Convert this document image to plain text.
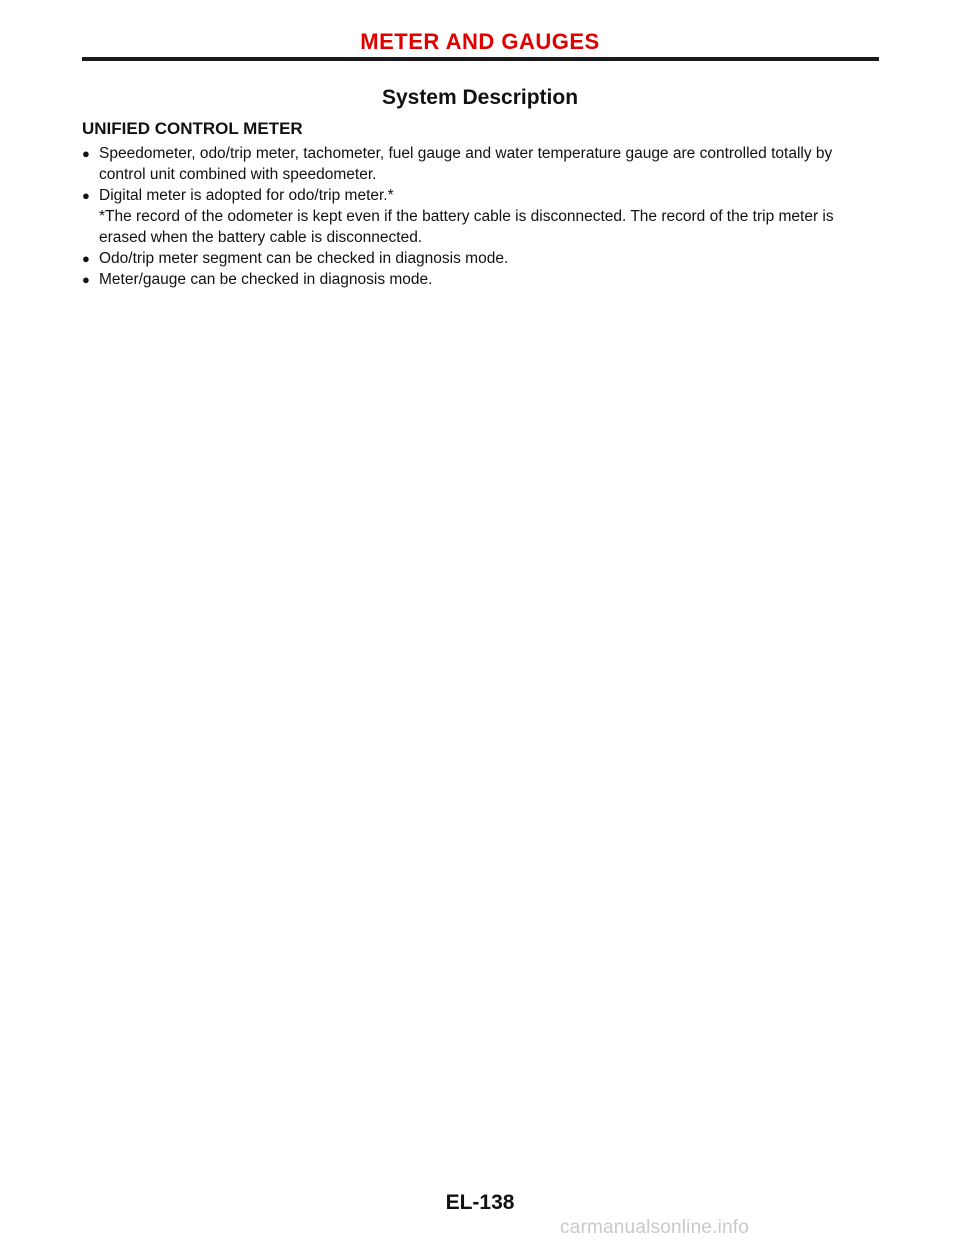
METER AND GAUGES
System Description
UNIFIED CONTROL METER
● Speedometer, odo/trip meter, tachometer, fuel gauge and water temperature gauge are controlled totally by control unit combined with speedometer.
● Digital meter is adopted for odo/trip meter.*
*The record of the odometer is kept even if the battery cable is disconnected. The record of the trip meter is erased when the battery cable is disconnected.
● Odo/trip meter segment can be checked in diagnosis mode.
● Meter/gauge can be checked in diagnosis mode.
EL-138
carmanualsonline.info
